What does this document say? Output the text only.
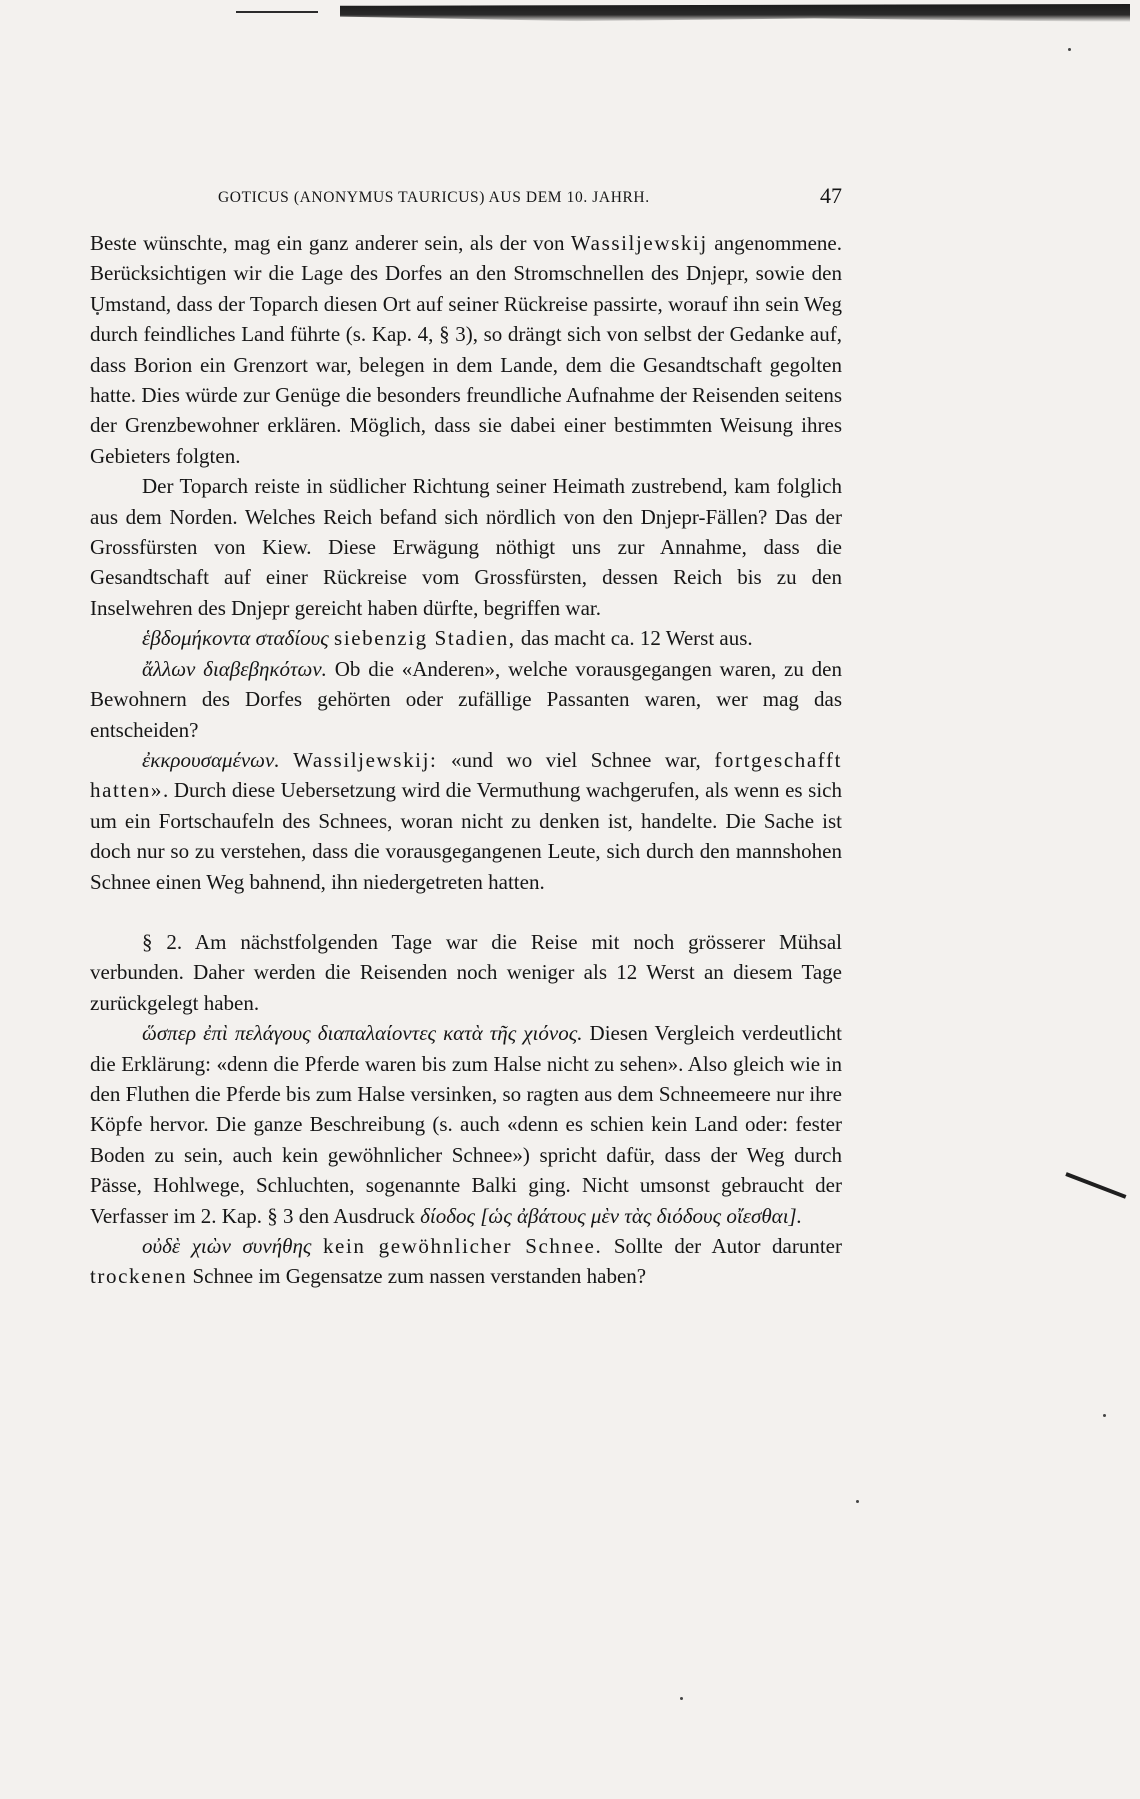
GOTICUS (ANONYMUS TAURICUS) AUS DEM 10. JAHRH.	47

Beste wünschte, mag ein ganz anderer sein, als der von Wassiljewskij angenommene. Berücksichtigen wir die Lage des Dorfes an den Stromschnellen des Dnjepr, sowie den Umstand, dass der Toparch diesen Ort auf seiner Rückreise passirte, worauf ihn sein Weg durch feindliches Land führte (s. Kap. 4, § 3), so drängt sich von selbst der Gedanke auf, dass Borion ein Grenzort war, belegen in dem Lande, dem die Gesandtschaft gegolten hatte. Dies würde zur Genüge die besonders freundliche Aufnahme der Reisenden seitens der Grenzbewohner erklären. Möglich, dass sie dabei einer bestimmten Weisung ihres Gebieters folgten.

Der Toparch reiste in südlicher Richtung seiner Heimath zustrebend, kam folglich aus dem Norden. Welches Reich befand sich nördlich von den Dnjepr-Fällen? Das der Grossfürsten von Kiew. Diese Erwägung nöthigt uns zur Annahme, dass die Gesandtschaft auf einer Rückreise vom Grossfürsten, dessen Reich bis zu den Inselwehren des Dnjepr gereicht haben dürfte, begriffen war.

ἑβδομήκοντα σταδίους siebenzig Stadien, das macht ca. 12 Werst aus.

ἄλλων διαβεβηκότων. Ob die «Anderen», welche vorausgegangen waren, zu den Bewohnern des Dorfes gehörten oder zufällige Passanten waren, wer mag das entscheiden?

ἐκκρουσαμένων. Wassiljewskij: «und wo viel Schnee war, fortgeschafft hatten». Durch diese Uebersetzung wird die Vermuthung wachgerufen, als wenn es sich um ein Fortschaufeln des Schnees, woran nicht zu denken ist, handelte. Die Sache ist doch nur so zu verstehen, dass die vorausgegangenen Leute, sich durch den mannshohen Schnee einen Weg bahnend, ihn niedergetreten hatten.

§ 2. Am nächstfolgenden Tage war die Reise mit noch grösserer Mühsal verbunden. Daher werden die Reisenden noch weniger als 12 Werst an diesem Tage zurückgelegt haben.

ὥσπερ ἐπὶ πελάγους διαπαλαίοντες κατὰ τῆς χιόνος. Diesen Vergleich verdeutlicht die Erklärung: «denn die Pferde waren bis zum Halse nicht zu sehen». Also gleich wie in den Fluthen die Pferde bis zum Halse versinken, so ragten aus dem Schneemeere nur ihre Köpfe hervor. Die ganze Beschreibung (s. auch «denn es schien kein Land oder: fester Boden zu sein, auch kein gewöhnlicher Schnee») spricht dafür, dass der Weg durch Pässe, Hohlwege, Schluchten, sogenannte Balki ging. Nicht umsonst gebraucht der Verfasser im 2. Kap. § 3 den Ausdruck δίοδος [ὡς ἀβάτους μὲν τὰς διόδους οἴεσθαι].

οὐδὲ χιὼν συνήθης kein gewöhnlicher Schnee. Sollte der Autor darunter trockenen Schnee im Gegensatze zum nassen verstanden haben?
